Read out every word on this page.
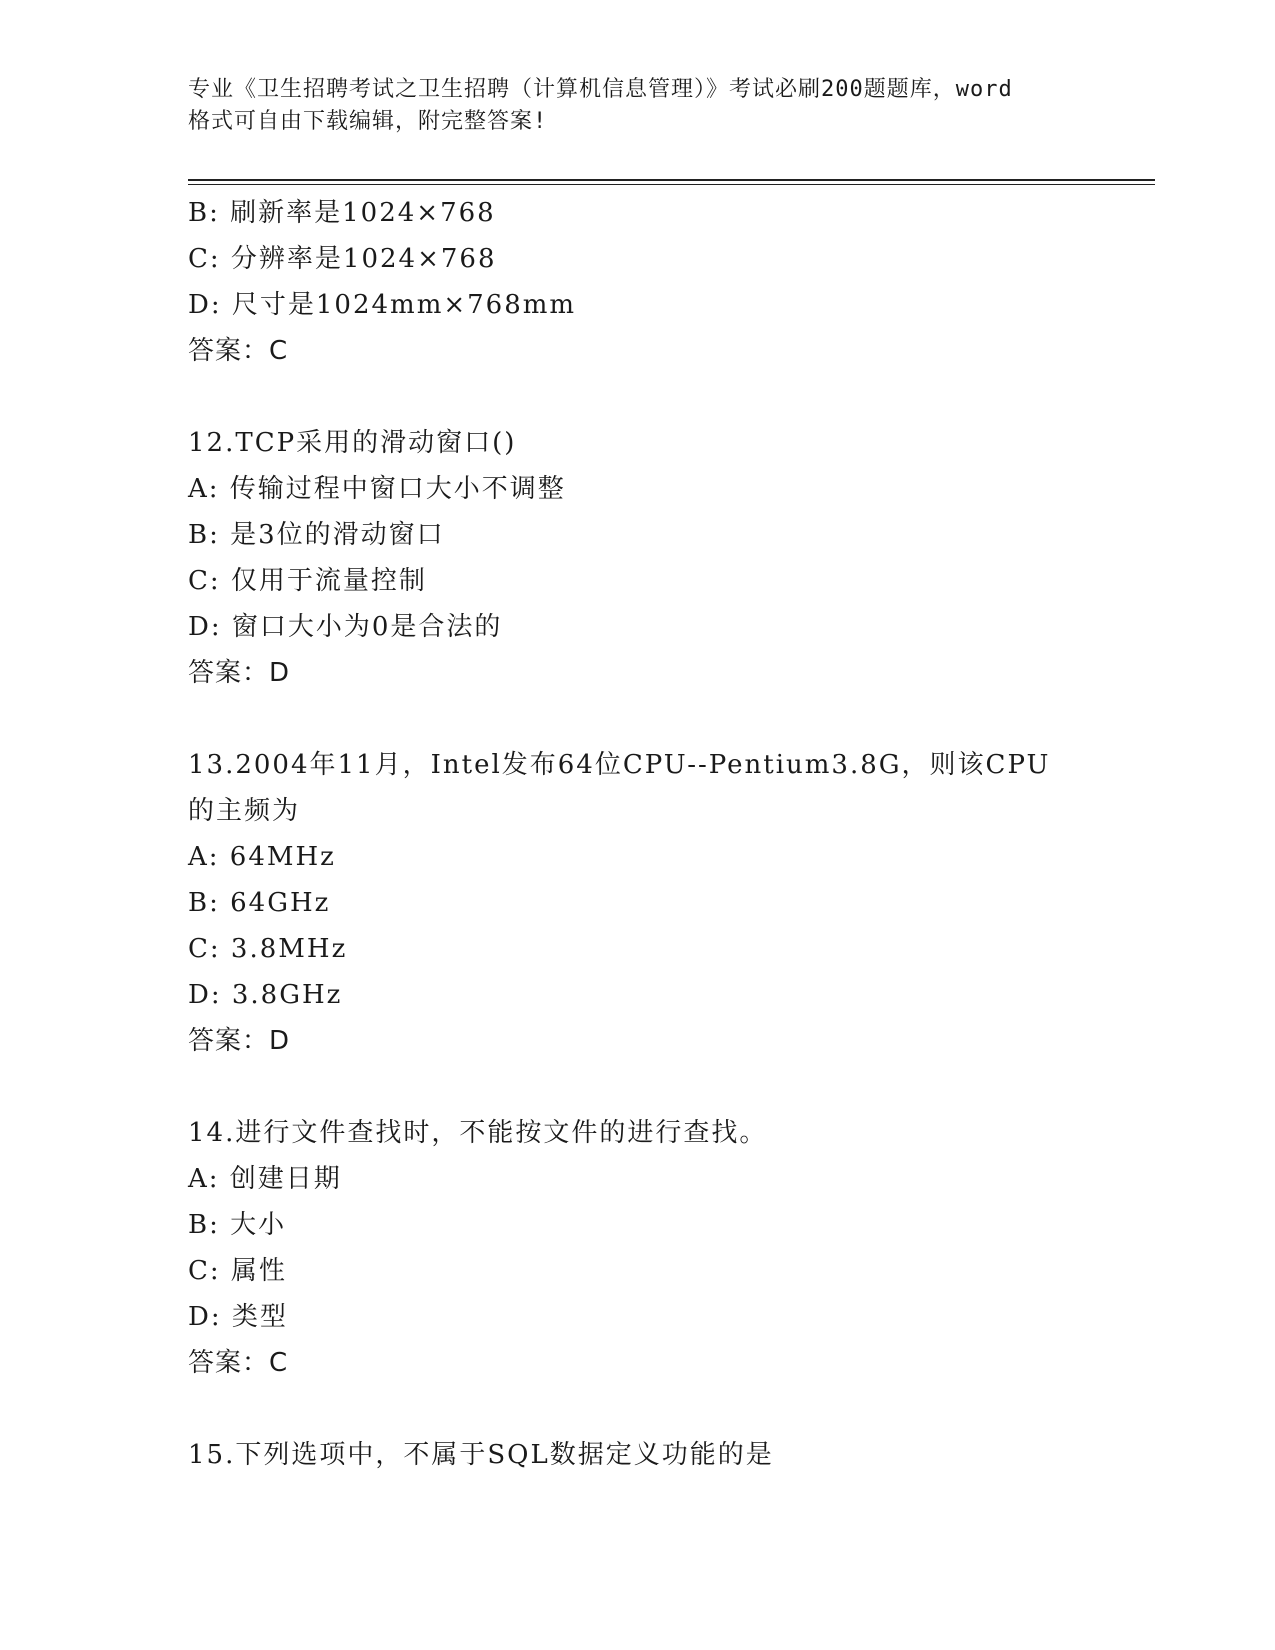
专业《卫生招聘考试之卫生招聘（计算机信息管理）》考试必刷200题题库，word
格式可自由下载编辑，附完整答案!
B: 刷新率是1024×768
C: 分辨率是1024×768
D: 尺寸是1024mm×768mm
答案：C
12.TCP采用的滑动窗口()
A: 传输过程中窗口大小不调整
B: 是3位的滑动窗口
C: 仅用于流量控制
D: 窗口大小为0是合法的
答案：D
13.2004年11月，Intel发布64位CPU--Pentium3.8G，则该CPU的主频为
A: 64MHz
B: 64GHz
C: 3.8MHz
D: 3.8GHz
答案：D
14.进行文件查找时，不能按文件的进行查找。
A: 创建日期
B: 大小
C: 属性
D: 类型
答案：C
15.下列选项中，不属于SQL数据定义功能的是
